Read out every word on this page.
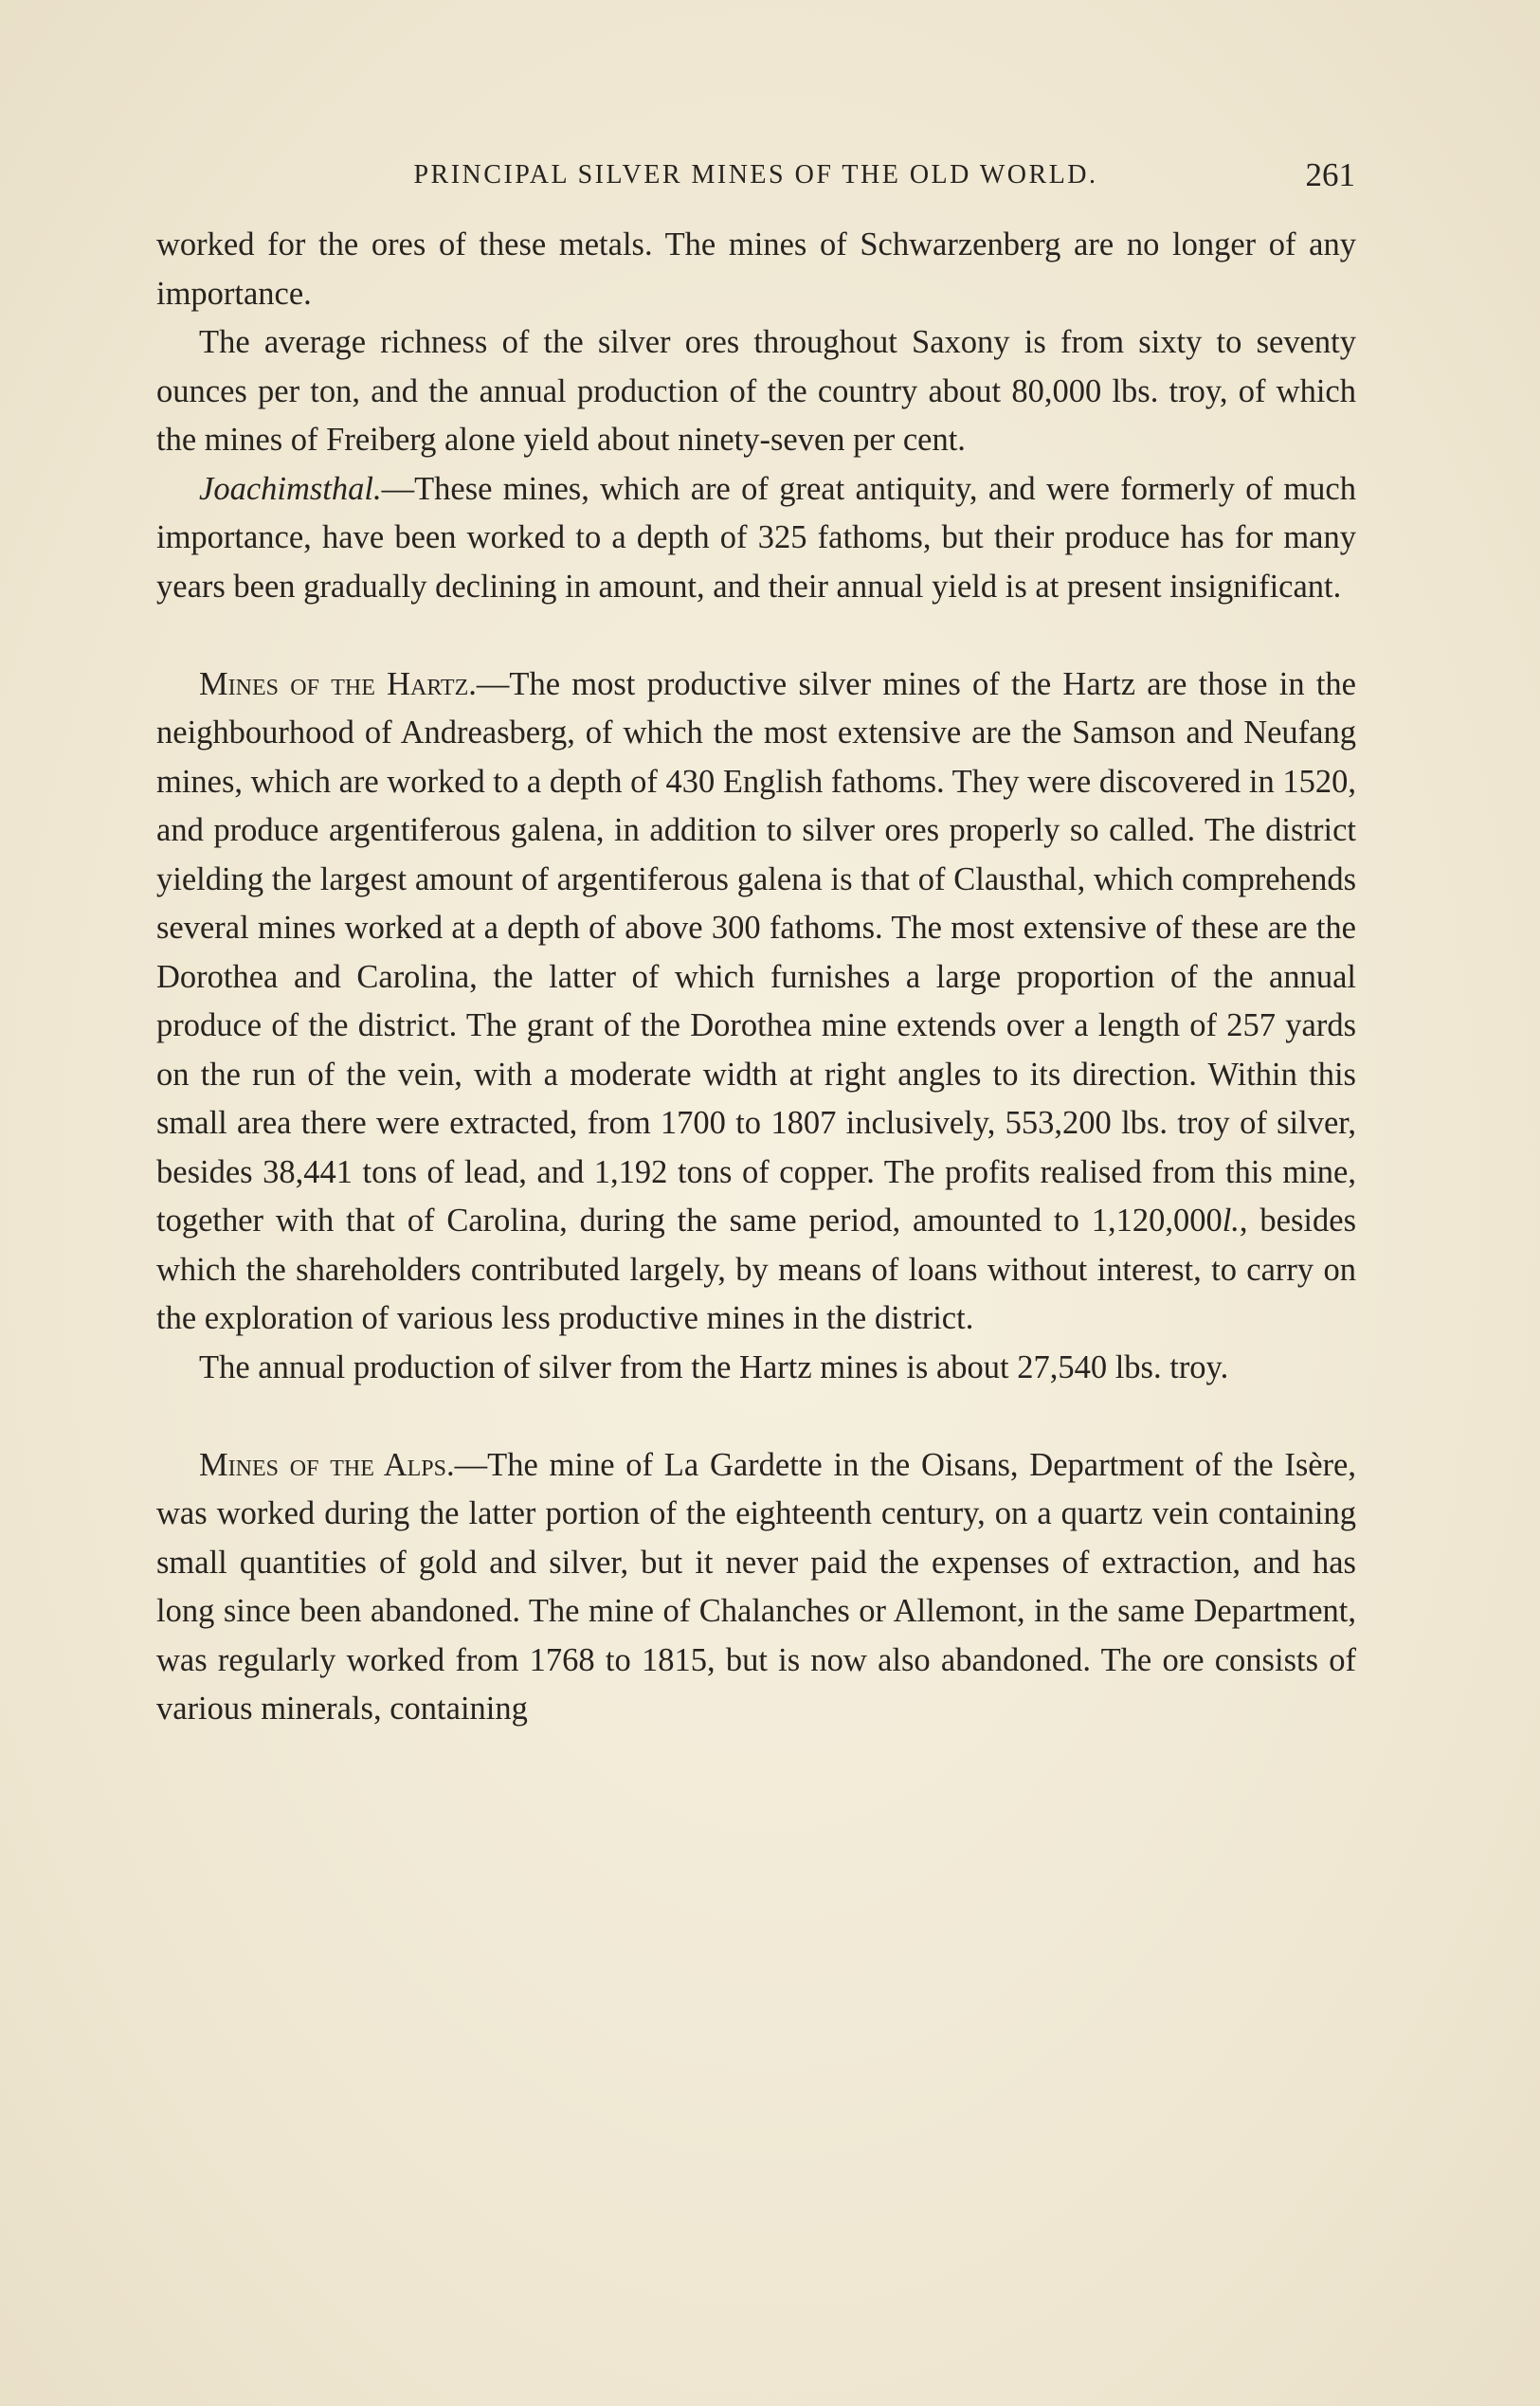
PRINCIPAL SILVER MINES OF THE OLD WORLD.	261

worked for the ores of these metals. The mines of Schwarzenberg are no longer of any importance.

The average richness of the silver ores throughout Saxony is from sixty to seventy ounces per ton, and the annual production of the country about 80,000 lbs. troy, of which the mines of Freiberg alone yield about ninety-seven per cent.

Joachimsthal.—These mines, which are of great antiquity, and were formerly of much importance, have been worked to a depth of 325 fathoms, but their produce has for many years been gradually declining in amount, and their annual yield is at present insignificant.

Mines of the Hartz.—The most productive silver mines of the Hartz are those in the neighbourhood of Andreasberg, of which the most extensive are the Samson and Neufang mines, which are worked to a depth of 430 English fathoms. They were discovered in 1520, and produce argentiferous galena, in addition to silver ores properly so called. The district yielding the largest amount of argentiferous galena is that of Clausthal, which comprehends several mines worked at a depth of above 300 fathoms. The most extensive of these are the Dorothea and Carolina, the latter of which furnishes a large proportion of the annual produce of the district. The grant of the Dorothea mine extends over a length of 257 yards on the run of the vein, with a moderate width at right angles to its direction. Within this small area there were extracted, from 1700 to 1807 inclusively, 553,200 lbs. troy of silver, besides 38,441 tons of lead, and 1,192 tons of copper. The profits realised from this mine, together with that of Carolina, during the same period, amounted to 1,120,000l., besides which the shareholders contributed largely, by means of loans without interest, to carry on the exploration of various less productive mines in the district.

The annual production of silver from the Hartz mines is about 27,540 lbs. troy.

Mines of the Alps.—The mine of La Gardette in the Oisans, Department of the Isère, was worked during the latter portion of the eighteenth century, on a quartz vein containing small quantities of gold and silver, but it never paid the expenses of extraction, and has long since been abandoned. The mine of Chalanches or Allemont, in the same Department, was regularly worked from 1768 to 1815, but is now also abandoned. The ore consists of various minerals, containing
